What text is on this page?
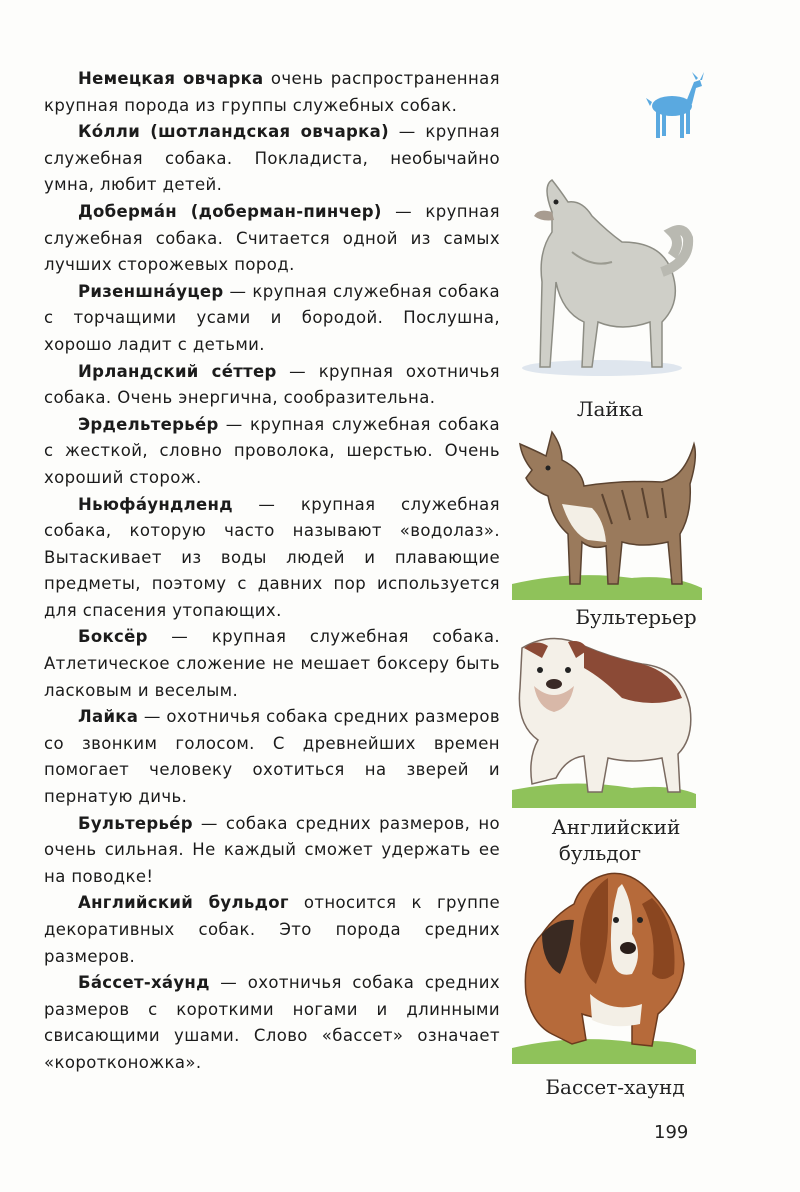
Немецкая овчарка очень распространенная крупная порода из группы служебных собак.

Ко́лли (шотландская овчарка) — крупная служебная собака. Покладиста, необычайно умна, любит детей.

Добермáн (доберман-пинчер) — крупная служебная собака. Считается одной из самых лучших сторожевых пород.

Ризеншнáуцер — крупная служебная собака с торчащими усами и бородой. Послушна, хорошо ладит с детьми.

Ирландский сéттер — крупная охотничья собака. Очень энергична, сообразительна.

Эрдельтерьéр — крупная служебная собака с жесткой, словно проволока, шерстью. Очень хороший сторож.

Ньюфáундленд — крупная служебная собака, которую часто называют «водолаз». Вытаскивает из воды людей и плавающие предметы, поэтому с давних пор используется для спасения утопающих.

Боксёр — крупная служебная собака. Атлетическое сложение не мешает боксеру быть ласковым и веселым.

Лайка — охотничья собака средних размеров со звонким голосом. С древнейших времен помогает человеку охотиться на зверей и пернатую дичь.

Бультерьéр — собака средних размеров, но очень сильная. Не каждый сможет удержать ее на поводке!

Английский бульдог относится к группе декоративных собак. Это порода средних размеров.

Бáссет-хáунд — охотничья собака средних размеров с короткими ногами и длинными свисающими ушами. Слово «бассет» означает «коротконожка».

Лайка
Бультерьер
Английский
бульдог
Бассет-хаунд
199
